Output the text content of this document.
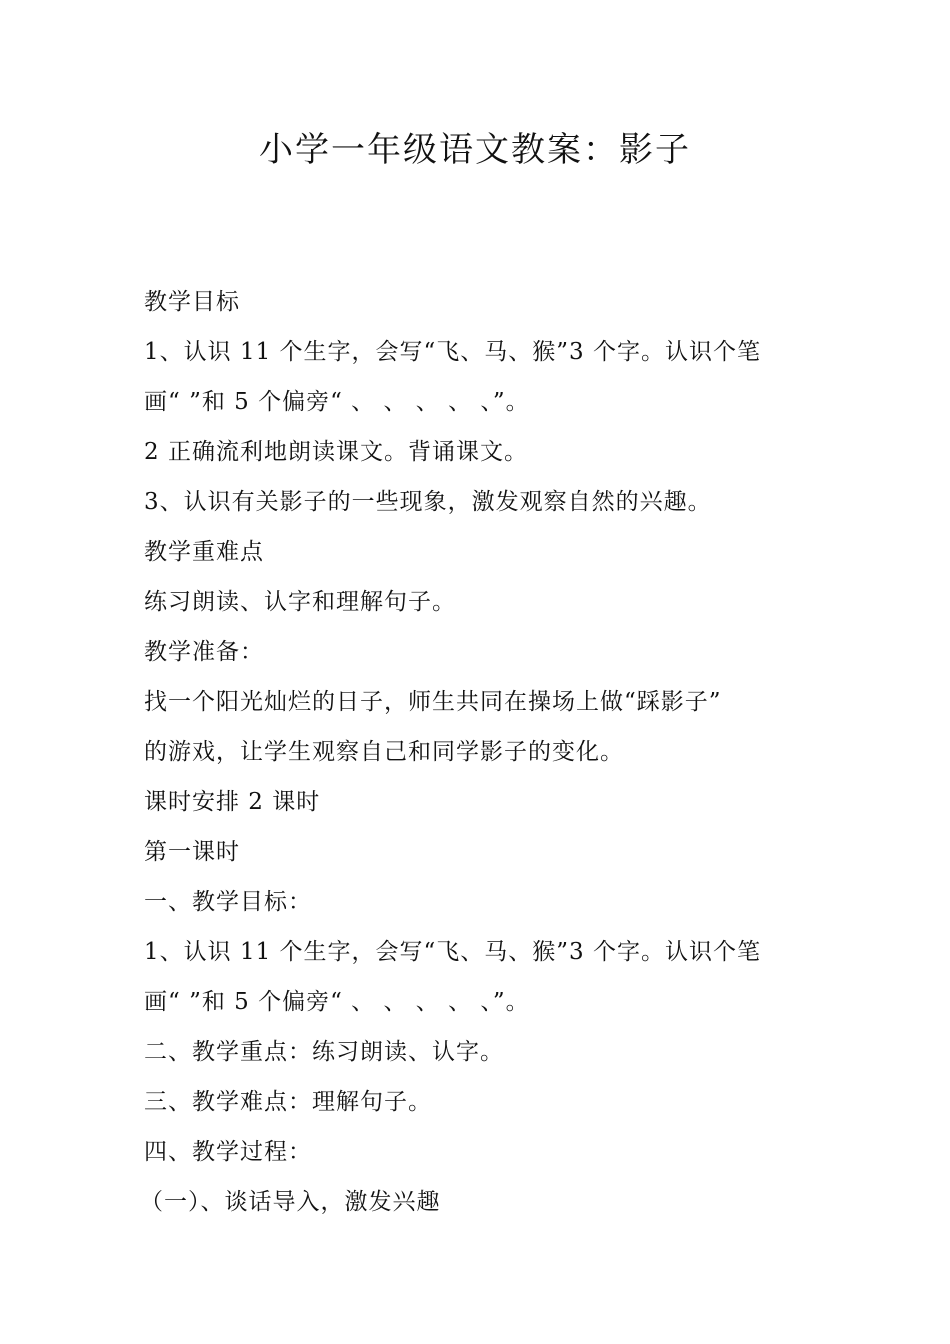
小学一年级语文教案：影子
教学目标
1、认识 11 个生字，会写“飞、马、猴”3 个字。认识个笔
画“ ”和 5 个偏旁“ 、 、 、 、 、”。
2 正确流利地朗读课文。背诵课文。
3、认识有关影子的一些现象，激发观察自然的兴趣。
教学重难点
练习朗读、认字和理解句子。
教学准备：
找一个阳光灿烂的日子，师生共同在操场上做“踩影子”
的游戏，让学生观察自己和同学影子的变化。
课时安排 2 课时
第一课时
一、教学目标：
1、认识 11 个生字，会写“飞、马、猴”3 个字。认识个笔
画“ ”和 5 个偏旁“ 、 、 、 、 、”。
二、教学重点：练习朗读、认字。
三、教学难点：理解句子。
四、教学过程：
（一）、谈话导入，激发兴趣
